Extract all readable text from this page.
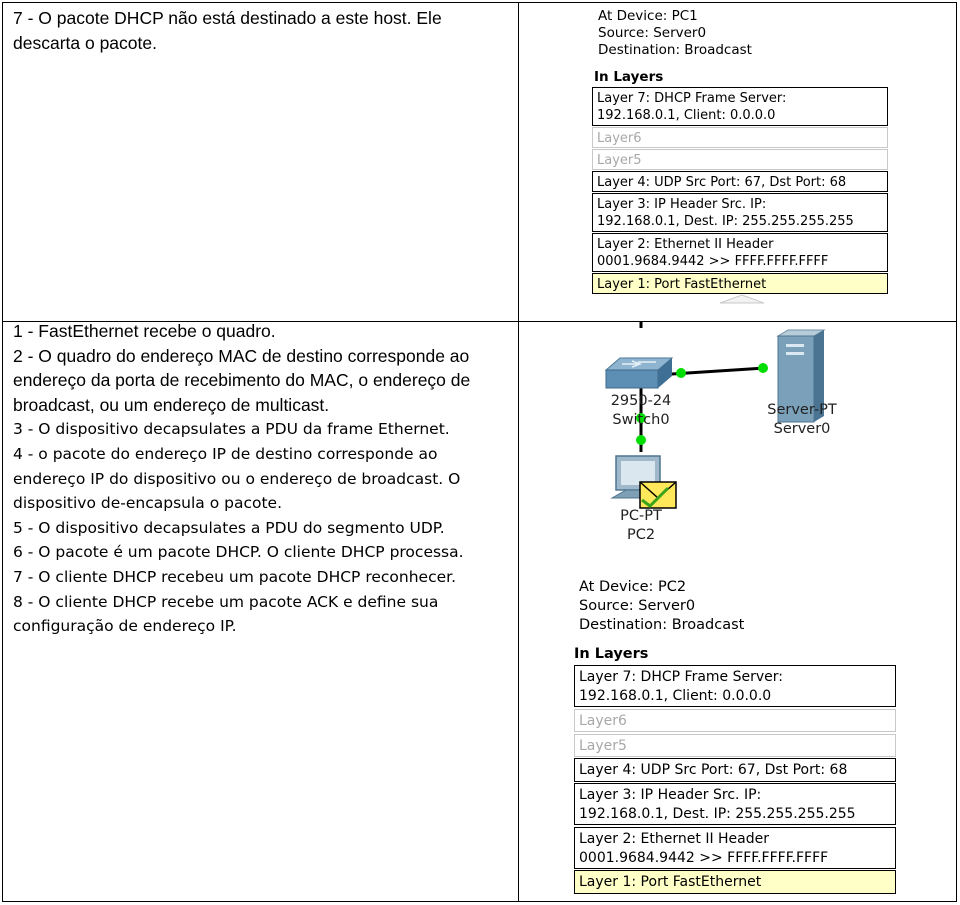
7 - O pacote DHCP não está destinado a este host. Ele descarta o pacote.

At Device: PC1
Source: Server0
Destination: Broadcast
In Layers
Layer 7: DHCP Frame Server:
192.168.0.1, Client: 0.0.0.0
Layer6
Layer5
Layer 4: UDP Src Port: 67, Dst Port: 68
Layer 3: IP Header Src. IP:
192.168.0.1, Dest. IP: 255.255.255.255
Layer 2: Ethernet II Header
0001.9684.9442 >> FFFF.FFFF.FFFF
Layer 1: Port FastEthernet

1 - FastEthernet recebe o quadro.

2 - O quadro do endereço MAC de destino corresponde ao endereço da porta de recebimento do MAC, o endereço de broadcast, ou um endereço de multicast.

3 - O dispositivo decapsulates a PDU da frame Ethernet.

4 - o pacote do endereço IP de destino corresponde ao endereço IP do dispositivo ou o endereço de broadcast. O dispositivo de-encapsula o pacote.

5 - O dispositivo decapsulates a PDU do segmento UDP.

6 - O pacote é um pacote DHCP. O cliente DHCP processa.

7 - O cliente DHCP recebeu um pacote DHCP reconhecer.

8 - O cliente DHCP recebe um pacote ACK e define sua configuração de endereço IP.

2950-24
Switch0
Server-PT
Server0
PC-PT
PC2
At Device: PC2
Source: Server0
Destination: Broadcast
In Layers
Layer 7: DHCP Frame Server:
192.168.0.1, Client: 0.0.0.0
Layer6
Layer5
Layer 4: UDP Src Port: 67, Dst Port: 68
Layer 3: IP Header Src. IP:
192.168.0.1, Dest. IP: 255.255.255.255
Layer 2: Ethernet II Header
0001.9684.9442 >> FFFF.FFFF.FFFF
Layer 1: Port FastEthernet
